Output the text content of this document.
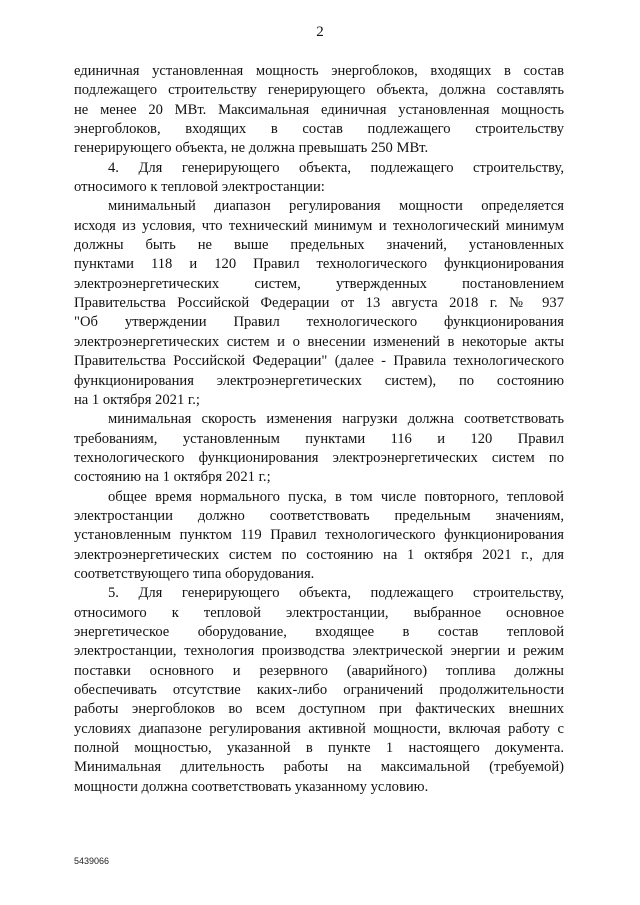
2
единичная установленная мощность энергоблоков, входящих в состав
подлежащего строительству генерирующего объекта, должна составлять
не менее 20 МВт. Максимальная единичная установленная мощность
энергоблоков, входящих в состав подлежащего строительству
генерирующего объекта, не должна превышать 250 МВт.
4. Для генерирующего объекта, подлежащего строительству,
относимого к тепловой электростанции:
минимальный диапазон регулирования мощности определяется
исходя из условия, что технический минимум и технологический минимум
должны быть не выше предельных значений, установленных
пунктами 118 и 120 Правил технологического функционирования
электроэнергетических систем, утвержденных постановлением
Правительства Российской Федерации от 13 августа 2018 г. № 937
"Об утверждении Правил технологического функционирования
электроэнергетических систем и о внесении изменений в некоторые акты
Правительства Российской Федерации" (далее - Правила технологического
функционирования электроэнергетических систем), по состоянию
на 1 октября 2021 г.;
минимальная скорость изменения нагрузки должна соответствовать
требованиям, установленным пунктами 116 и 120 Правил
технологического функционирования электроэнергетических систем по
состоянию на 1 октября 2021 г.;
общее время нормального пуска, в том числе повторного, тепловой
электростанции должно соответствовать предельным значениям,
установленным пунктом 119 Правил технологического функционирования
электроэнергетических систем по состоянию на 1 октября 2021 г., для
соответствующего типа оборудования.
5. Для генерирующего объекта, подлежащего строительству,
относимого к тепловой электростанции, выбранное основное
энергетическое оборудование, входящее в состав тепловой
электростанции, технология производства электрической энергии и режим
поставки основного и резервного (аварийного) топлива должны
обеспечивать отсутствие каких-либо ограничений продолжительности
работы энергоблоков во всем доступном при фактических внешних
условиях диапазоне регулирования активной мощности, включая работу с
полной мощностью, указанной в пункте 1 настоящего документа.
Минимальная длительность работы на максимальной (требуемой)
мощности должна соответствовать указанному условию.
5439066
